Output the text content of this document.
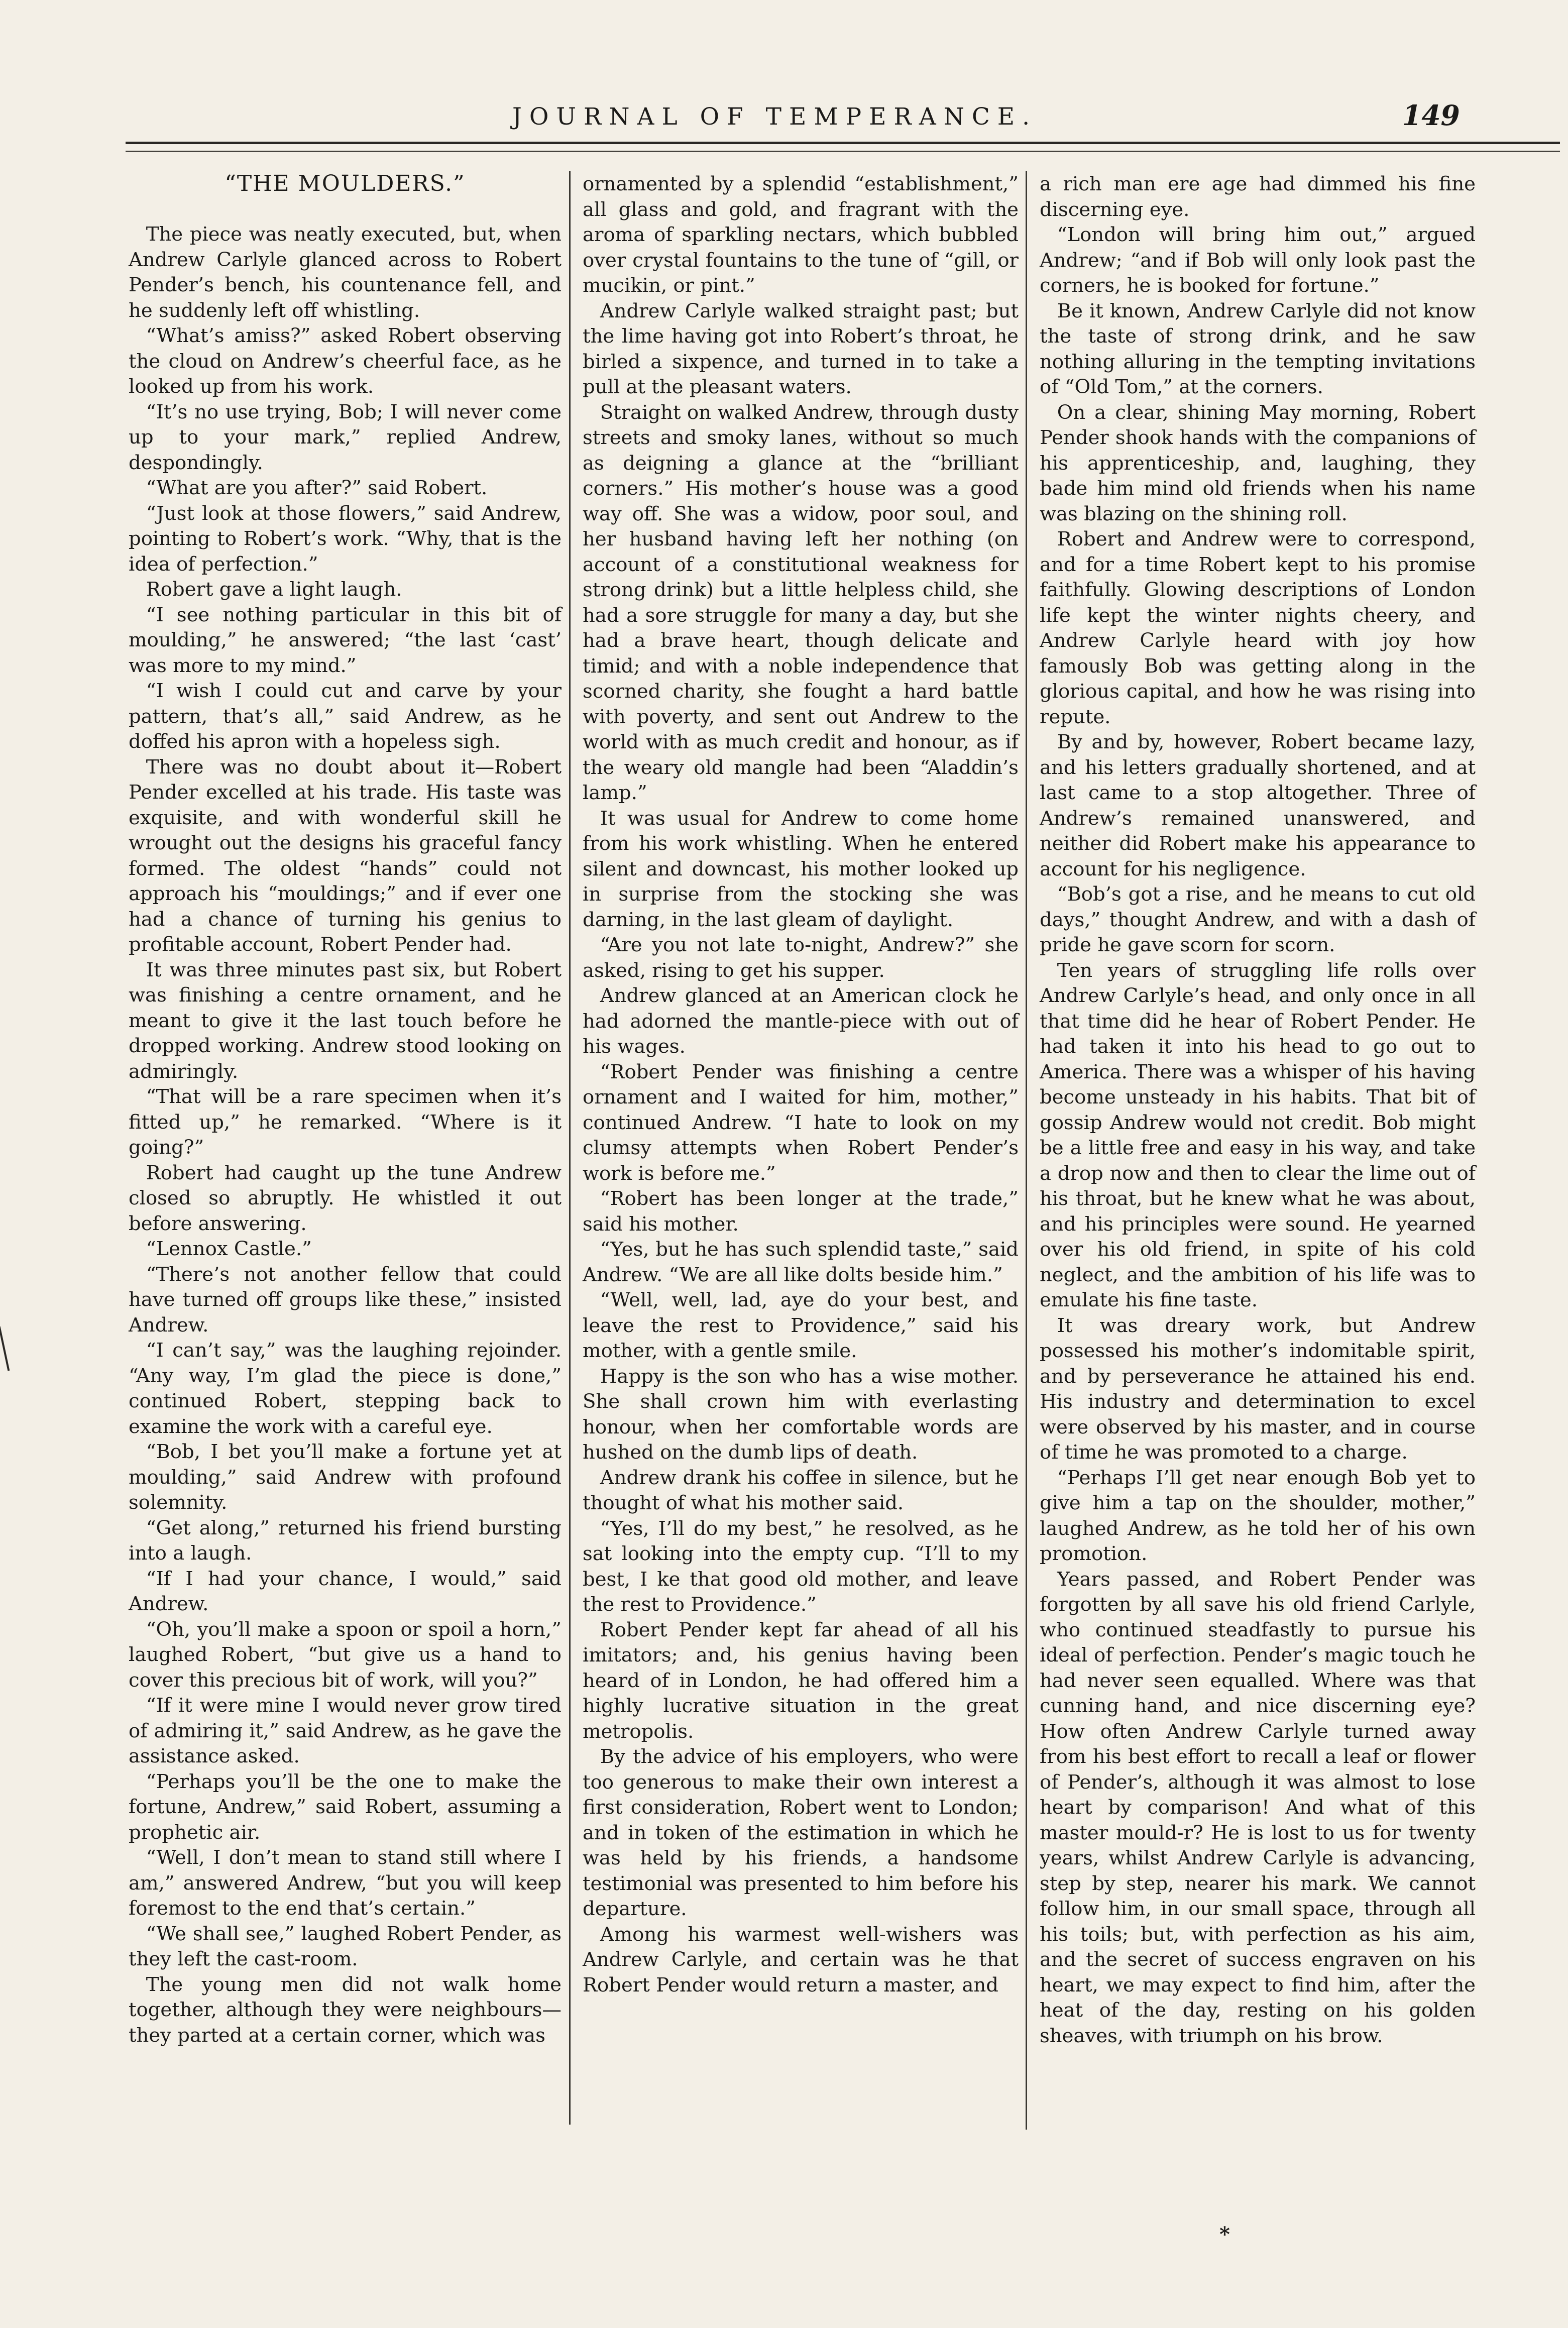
JOURNAL OF TEMPERANCE.	149
“THE MOULDERS.”

The piece was neatly executed, but, when Andrew Carlyle glanced across to Robert Pender’s bench, his countenance fell, and he suddenly left off whistling.

“What’s amiss?” asked Robert observing the cloud on Andrew’s cheerful face, as he looked up from his work.

“It’s no use trying, Bob; I will never come up to your mark,” replied Andrew, despondingly.

“What are you after?” said Robert.

“Just look at those flowers,” said Andrew, pointing to Robert’s work. “Why, that is the idea of perfection.”

Robert gave a light laugh.

“I see nothing particular in this bit of moulding,” he answered; “the last ‘cast’ was more to my mind.”

“I wish I could cut and carve by your pattern, that’s all,” said Andrew, as he doffed his apron with a hopeless sigh.

There was no doubt about it—Robert Pender excelled at his trade. His taste was exquisite, and with wonderful skill he wrought out the designs his graceful fancy formed. The oldest “hands” could not approach his “mouldings;” and if ever one had a chance of turning his genius to profitable account, Robert Pender had.

It was three minutes past six, but Robert was finishing a centre ornament, and he meant to give it the last touch before he dropped working. Andrew stood looking on admiringly.

“That will be a rare specimen when it’s fitted up,” he remarked. “Where is it going?”

Robert had caught up the tune Andrew closed so abruptly. He whistled it out before answering.

“Lennox Castle.”

“There’s not another fellow that could have turned off groups like these,” insisted Andrew.

“I can’t say,” was the laughing rejoinder. “Any way, I’m glad the piece is done,” continued Robert, stepping back to examine the work with a careful eye.

“Bob, I bet you’ll make a fortune yet at moulding,” said Andrew with profound solemnity.

“Get along,” returned his friend bursting into a laugh.

“If I had your chance, I would,” said Andrew.

“Oh, you’ll make a spoon or spoil a horn,” laughed Robert, “but give us a hand to cover this precious bit of work, will you?”

“If it were mine I would never grow tired of admiring it,” said Andrew, as he gave the assistance asked.

“Perhaps you’ll be the one to make the fortune, Andrew,” said Robert, assuming a prophetic air.

“Well, I don’t mean to stand still where I am,” answered Andrew, “but you will keep foremost to the end that’s certain.”

“We shall see,” laughed Robert Pender, as they left the cast-room.

The young men did not walk home together, although they were neighbours—they parted at a certain corner, which was

ornamented by a splendid “establishment,” all glass and gold, and fragrant with the aroma of sparkling nectars, which bubbled over crystal fountains to the tune of “gill, or mucikin, or pint.”

Andrew Carlyle walked straight past; but the lime having got into Robert’s throat, he birled a sixpence, and turned in to take a pull at the pleasant waters.

Straight on walked Andrew, through dusty streets and smoky lanes, without so much as deigning a glance at the “brilliant corners.” His mother’s house was a good way off. She was a widow, poor soul, and her husband having left her nothing (on account of a constitutional weakness for strong drink) but a little helpless child, she had a sore struggle for many a day, but she had a brave heart, though delicate and timid; and with a noble independence that scorned charity, she fought a hard battle with poverty, and sent out Andrew to the world with as much credit and honour, as if the weary old mangle had been “Aladdin’s lamp.”

It was usual for Andrew to come home from his work whistling. When he entered silent and downcast, his mother looked up in surprise from the stocking she was darning, in the last gleam of daylight.

“Are you not late to-night, Andrew?” she asked, rising to get his supper.

Andrew glanced at an American clock he had adorned the mantle-piece with out of his wages.

“Robert Pender was finishing a centre ornament and I waited for him, mother,” continued Andrew. “I hate to look on my clumsy attempts when Robert Pender’s work is before me.”

“Robert has been longer at the trade,” said his mother.

“Yes, but he has such splendid taste,” said Andrew. “We are all like dolts beside him.”

“Well, well, lad, aye do your best, and leave the rest to Providence,” said his mother, with a gentle smile.

Happy is the son who has a wise mother. She shall crown him with everlasting honour, when her comfortable words are hushed on the dumb lips of death.

Andrew drank his coffee in silence, but he thought of what his mother said.

“Yes, I’ll do my best,” he resolved, as he sat looking into the empty cup. “I’ll to my best, I ke that good old mother, and leave the rest to Providence.”

Robert Pender kept far ahead of all his imitators; and, his genius having been heard of in London, he had offered him a highly lucrative situation in the great metropolis.

By the advice of his employers, who were too generous to make their own interest a first consideration, Robert went to London; and in token of the estimation in which he was held by his friends, a handsome testimonial was presented to him before his departure.

Among his warmest well-wishers was Andrew Carlyle, and certain was he that Robert Pender would return a master, and

a rich man ere age had dimmed his fine discerning eye.

“London will bring him out,” argued Andrew; “and if Bob will only look past the corners, he is booked for fortune.”

Be it known, Andrew Carlyle did not know the taste of strong drink, and he saw nothing alluring in the tempting invitations of “Old Tom,” at the corners.

On a clear, shining May morning, Robert Pender shook hands with the companions of his apprenticeship, and, laughing, they bade him mind old friends when his name was blazing on the shining roll.

Robert and Andrew were to correspond, and for a time Robert kept to his promise faithfully. Glowing descriptions of London life kept the winter nights cheery, and Andrew Carlyle heard with joy how famously Bob was getting along in the glorious capital, and how he was rising into repute.

By and by, however, Robert became lazy, and his letters gradually shortened, and at last came to a stop altogether. Three of Andrew’s remained unanswered, and neither did Robert make his appearance to account for his negligence.

“Bob’s got a rise, and he means to cut old days,” thought Andrew, and with a dash of pride he gave scorn for scorn.

Ten years of struggling life rolls over Andrew Carlyle’s head, and only once in all that time did he hear of Robert Pender. He had taken it into his head to go out to America. There was a whisper of his having become unsteady in his habits. That bit of gossip Andrew would not credit. Bob might be a little free and easy in his way, and take a drop now and then to clear the lime out of his throat, but he knew what he was about, and his principles were sound. He yearned over his old friend, in spite of his cold neglect, and the ambition of his life was to emulate his fine taste.

It was dreary work, but Andrew possessed his mother’s indomitable spirit, and by perseverance he attained his end. His industry and determination to excel were observed by his master, and in course of time he was promoted to a charge.

“Perhaps I’ll get near enough Bob yet to give him a tap on the shoulder, mother,” laughed Andrew, as he told her of his own promotion.

Years passed, and Robert Pender was forgotten by all save his old friend Carlyle, who continued steadfastly to pursue his ideal of perfection. Pender’s magic touch he had never seen equalled. Where was that cunning hand, and nice discerning eye? How often Andrew Carlyle turned away from his best effort to recall a leaf or flower of Pender’s, although it was almost to lose heart by comparison! And what of this master mould-r? He is lost to us for twenty years, whilst Andrew Carlyle is advancing, step by step, nearer his mark. We cannot follow him, in our small space, through all his toils; but, with perfection as his aim, and the secret of success engraven on his heart, we may expect to find him, after the heat of the day, resting on his golden sheaves, with triumph on his brow.

*
